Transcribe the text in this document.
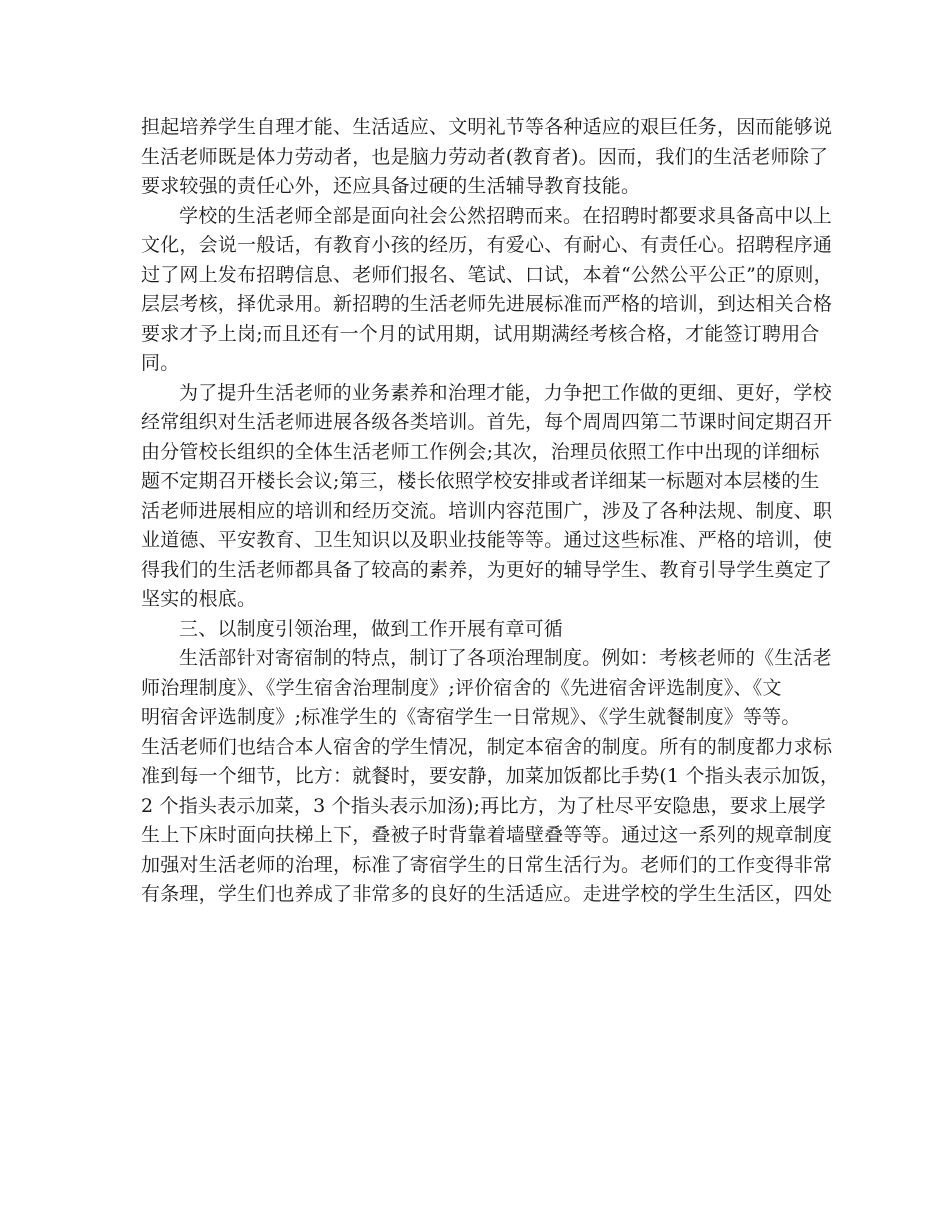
担起培养学生自理才能、生活适应、文明礼节等各种适应的艰巨任务，因而能够说
生活老师既是体力劳动者，也是脑力劳动者(教育者)。因而，我们的生活老师除了
要求较强的责任心外，还应具备过硬的生活辅导教育技能。
学校的生活老师全部是面向社会公然招聘而来。在招聘时都要求具备高中以上
文化，会说一般话，有教育小孩的经历，有爱心、有耐心、有责任心。招聘程序通
过了网上发布招聘信息、老师们报名、笔试、口试，本着“公然公平公正”的原则，
层层考核，择优录用。新招聘的生活老师先进展标准而严格的培训，到达相关合格
要求才予上岗;而且还有一个月的试用期，试用期满经考核合格，才能签订聘用合
同。
为了提升生活老师的业务素养和治理才能，力争把工作做的更细、更好，学校
经常组织对生活老师进展各级各类培训。首先，每个周周四第二节课时间定期召开
由分管校长组织的全体生活老师工作例会;其次，治理员依照工作中出现的详细标
题不定期召开楼长会议;第三，楼长依照学校安排或者详细某一标题对本层楼的生
活老师进展相应的培训和经历交流。培训内容范围广，涉及了各种法规、制度、职
业道德、平安教育、卫生知识以及职业技能等等。通过这些标准、严格的培训，使
得我们的生活老师都具备了较高的素养，为更好的辅导学生、教育引导学生奠定了
坚实的根底。
三、以制度引领治理，做到工作开展有章可循
生活部针对寄宿制的特点，制订了各项治理制度。例如：考核老师的《生活老
师治理制度》、《学生宿舍治理制度》;评价宿舍的《先进宿舍评选制度》、《文
明宿舍评选制度》;标准学生的《寄宿学生一日常规》、《学生就餐制度》等等。
生活老师们也结合本人宿舍的学生情况，制定本宿舍的制度。所有的制度都力求标
准到每一个细节，比方：就餐时，要安静，加菜加饭都比手势(1 个指头表示加饭，
2 个指头表示加菜，3 个指头表示加汤);再比方，为了杜尽平安隐患，要求上展学
生上下床时面向扶梯上下，叠被子时背靠着墙壁叠等等。通过这一系列的规章制度
加强对生活老师的治理，标准了寄宿学生的日常生活行为。老师们的工作变得非常
有条理，学生们也养成了非常多的良好的生活适应。走进学校的学生生活区，四处
